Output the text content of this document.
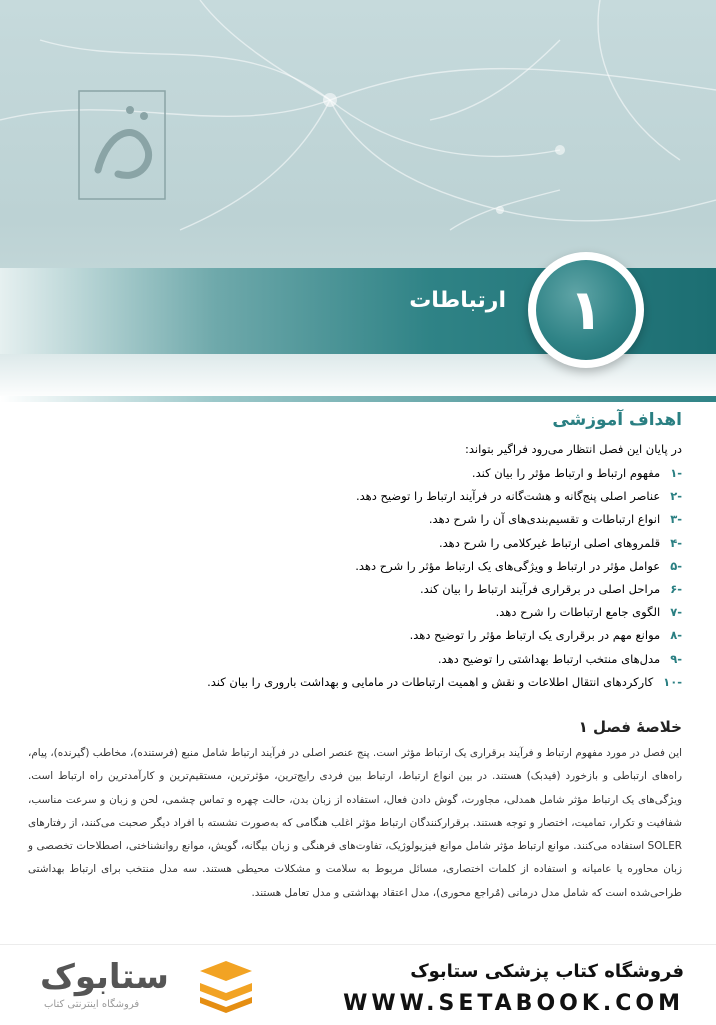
ارتباطات	۱
اهداف آموزشی
در پایان این فصل انتظار می‌رود فراگیر بتواند:
-۱مفهوم ارتباط و ارتباط مؤثر را بیان کند.
-۲عناصر اصلی پنج‌گانه و هشت‌گانه در فرآیند ارتباط را توضیح دهد.
-۳انواع ارتباطات و تقسیم‌بندی‌های آن را شرح دهد.
-۴قلمروهای اصلی ارتباط غیرکلامی را شرح دهد.
-۵عوامل مؤثر در ارتباط و ویژگی‌های یک ارتباط مؤثر را شرح دهد.
-۶مراحل اصلی در برقراری فرآیند ارتباط را بیان کند.
-۷الگوی جامع ارتباطات را شرح دهد.
-۸موانع مهم در برقراری یک ارتباط مؤثر را توضیح دهد.
-۹مدل‌های منتخب ارتباط بهداشتی را توضیح دهد.
-۱۰کارکردهای انتقال اطلاعات و نقش و اهمیت ارتباطات در مامایی و بهداشت باروری را بیان کند.
خلاصهٔ فصل ۱

این فصل در مورد مفهوم ارتباط و فرآیند برقراری یک ارتباط مؤثر است. پنج عنصر اصلی در فرآیند ارتباط شامل منبع (فرستنده)، مخاطب (گیرنده)، پیام، راه‌های ارتباطی و بازخورد (فیدبک) هستند. در بین انواع ارتباط، ارتباط بین فردی رایج‌ترین، مؤثرترین، مستقیم‌ترین و کارآمدترین راه ارتباط است. ویژگی‌های یک ارتباط مؤثر شامل همدلی، مجاورت، گوش دادن فعال، استفاده از زبان بدن، حالت چهره و تماس چشمی، لحن و زبان و سرعت مناسب، شفافیت و تکرار، تمامیت، اختصار و توجه هستند. برقرارکنندگان ارتباط مؤثر اغلب هنگامی که به‌صورت نشسته با افراد دیگر صحبت می‌کنند، از رفتارهای SOLER استفاده می‌کنند. موانع ارتباط مؤثر شامل موانع فیزیولوژیک، تفاوت‌های فرهنگی و زبان بیگانه، گویش، موانع روانشناختی، اصطلاحات تخصصی و زبان محاوره یا عامیانه و استفاده از کلمات اختصاری، مسائل مربوط به سلامت و مشکلات محیطی هستند. سه مدل منتخب برای ارتباط بهداشتی طراحی‌شده است که شامل مدل درمانی (مُراجع محوری)، مدل اعتقاد بهداشتی و مدل تعامل هستند.

فروشگاه کتاب پزشکی ستابوک
WWW.SETABOOK.COM
ستابوک
فروشگاه اینترنتی کتاب
